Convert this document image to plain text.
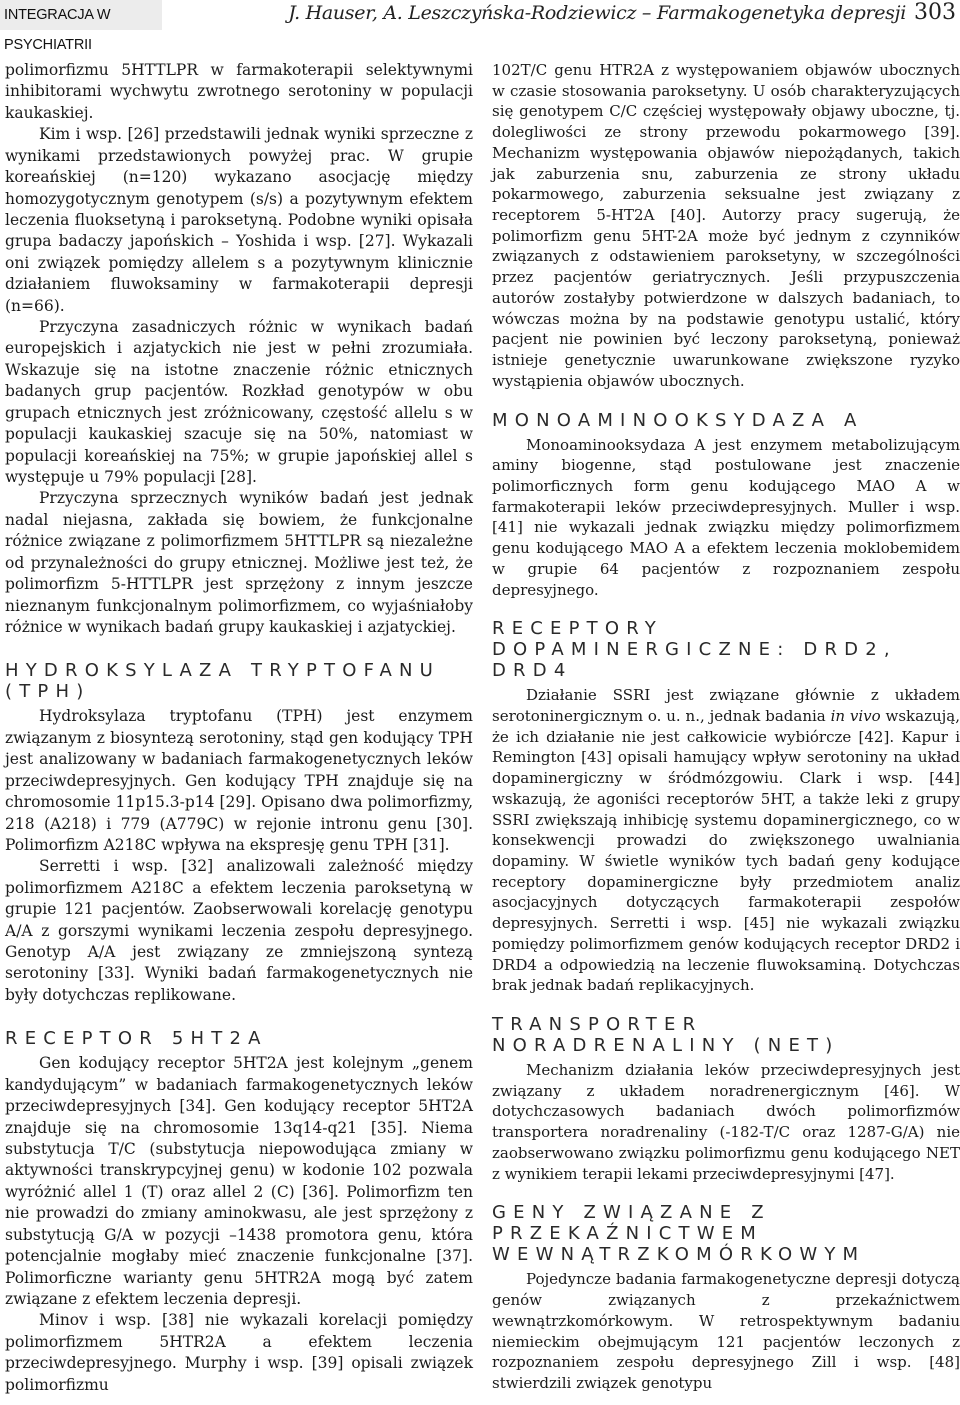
INTEGRACJA W PSYCHIATRII
J. Hauser, A. Leszczyńska-Rodziewicz – Farmakogenetyka depresji 303

polimorfizmu 5HTTLPR w farmakoterapii selektywnymi inhibitorami wychwytu zwrotnego serotoniny w populacji kaukaskiej.

Kim i wsp. [26] przedstawili jednak wyniki sprzeczne z wynikami przedstawionych powyżej prac. W grupie koreańskiej (n=120) wykazano asocjację między homozygotycznym genotypem (s/s) a pozytywnym efektem leczenia fluoksetyną i paroksetyną. Podobne wyniki opisała grupa badaczy japońskich – Yoshida i wsp. [27]. Wykazali oni związek pomiędzy allelem s a pozytywnym klinicznie działaniem fluwoksaminy w farmakoterapii depresji (n=66).

Przyczyna zasadniczych różnic w wynikach badań europejskich i azjatyckich nie jest w pełni zrozumiała. Wskazuje się na istotne znaczenie różnic etnicznych badanych grup pacjentów. Rozkład genotypów w obu grupach etnicznych jest zróżnicowany, częstość allelu s w populacji kaukaskiej szacuje się na 50%, natomiast w populacji koreańskiej na 75%; w grupie japońskiej allel s występuje u 79% populacji [28].

Przyczyna sprzecznych wyników badań jest jednak nadal niejasna, zakłada się bowiem, że funkcjonalne różnice związane z polimorfizmem 5HTTLPR są niezależne od przynależności do grupy etnicznej. Możliwe jest też, że polimorfizm 5-HTTLPR jest sprzężony z innym jeszcze nieznanym funkcjonalnym polimorfizmem, co wyjaśniałoby różnice w wynikach badań grupy kaukaskiej i azjatyckiej.

HYDROKSYLAZA TRYPTOFANU (TPH)

Hydroksylaza tryptofanu (TPH) jest enzymem związanym z biosyntezą serotoniny, stąd gen kodujący TPH jest analizowany w badaniach farmakogenetycznych leków przeciwdepresyjnych. Gen kodujący TPH znajduje się na chromosomie 11p15.3-p14 [29]. Opisano dwa polimorfizmy, 218 (A218) i 779 (A779C) w rejonie intronu genu [30]. Polimorfizm A218C wpływa na ekspresję genu TPH [31].

Serretti i wsp. [32] analizowali zależność między polimorfizmem A218C a efektem leczenia paroksetyną w grupie 121 pacjentów. Zaobserwowali korelację genotypu A/A z gorszymi wynikami leczenia zespołu depresyjnego. Genotyp A/A jest związany ze zmniejszoną syntezą serotoniny [33]. Wyniki badań farmakogenetycznych nie były dotychczas replikowane.

RECEPTOR 5HT2A

Gen kodujący receptor 5HT2A jest kolejnym „genem kandydującym” w badaniach farmakogenetycznych leków przeciwdepresyjnych [34]. Gen kodujący receptor 5HT2A znajduje się na chromosomie 13q14-q21 [35]. Niema substytucja T/C (substytucja niepowodująca zmiany w aktywności transkrypcyjnej genu) w kodonie 102 pozwala wyróżnić allel 1 (T) oraz allel 2 (C) [36]. Polimorfizm ten nie prowadzi do zmiany aminokwasu, ale jest sprzężony z substytucją G/A w pozycji –1438 promotora genu, która potencjalnie mogłaby mieć znaczenie funkcjonalne [37]. Polimorficzne warianty genu 5HTR2A mogą być zatem związane z efektem leczenia depresji.

Minov i wsp. [38] nie wykazali korelacji pomiędzy polimorfizmem 5HTR2A a efektem leczenia przeciwdepresyjnego. Murphy i wsp. [39] opisali związek polimorfizmu

102T/C genu HTR2A z występowaniem objawów ubocznych w czasie stosowania paroksetyny. U osób charakteryzujących się genotypem C/C częściej występowały objawy uboczne, tj. dolegliwości ze strony przewodu pokarmowego [39]. Mechanizm występowania objawów niepożądanych, takich jak zaburzenia snu, zaburzenia ze strony układu pokarmowego, zaburzenia seksualne jest związany z receptorem 5-HT2A [40]. Autorzy pracy sugerują, że polimorfizm genu 5HT-2A może być jednym z czynników związanych z odstawieniem paroksetyny, w szczególności przez pacjentów geriatrycznych. Jeśli przypuszczenia autorów zostałyby potwierdzone w dalszych badaniach, to wówczas można by na podstawie genotypu ustalić, który pacjent nie powinien być leczony paroksetyną, ponieważ istnieje genetycznie uwarunkowane zwiększone ryzyko wystąpienia objawów ubocznych.

MONOAMINOOKSYDAZA A

Monoaminooksydaza A jest enzymem metabolizującym aminy biogenne, stąd postulowane jest znaczenie polimorficznych form genu kodującego MAO A w farmakoterapii leków przeciwdepresyjnych. Muller i wsp. [41] nie wykazali jednak związku między polimorfizmem genu kodującego MAO A a efektem leczenia moklobemidem w grupie 64 pacjentów z rozpoznaniem zespołu depresyjnego.

RECEPTORY DOPAMINERGICZNE: DRD2, DRD4

Działanie SSRI jest związane głównie z układem serotoninergicznym o. u. n., jednak badania in vivo wskazują, że ich działanie nie jest całkowicie wybiórcze [42]. Kapur i Remington [43] opisali hamujący wpływ serotoniny na układ dopaminergiczny w śródmózgowiu. Clark i wsp. [44] wskazują, że agoniści receptorów 5HT, a także leki z grupy SSRI zwiększają inhibicję systemu dopaminergicznego, co w konsekwencji prowadzi do zwiększonego uwalniania dopaminy. W świetle wyników tych badań geny kodujące receptory dopaminergiczne były przedmiotem analiz asocjacyjnych dotyczących farmakoterapii zespołów depresyjnych. Serretti i wsp. [45] nie wykazali związku pomiędzy polimorfizmem genów kodujących receptor DRD2 i DRD4 a odpowiedzią na leczenie fluwoksaminą. Dotychczas brak jednak badań replikacyjnych.

TRANSPORTER NORADRENALINY (NET)

Mechanizm działania leków przeciwdepresyjnych jest związany z układem noradrenergicznym [46]. W dotychczasowych badaniach dwóch polimorfizmów transportera noradrenaliny (-182-T/C oraz 1287-G/A) nie zaobserwowano związku polimorfizmu genu kodującego NET z wynikiem terapii lekami przeciwdepresyjnymi [47].

GENY ZWIĄZANE Z PRZEKAŹNICTWEM WEWNĄTRZKOMÓRKOWYM

Pojedyncze badania farmakogenetyczne depresji dotyczą genów związanych z przekaźnictwem wewnątrzkomórkowym. W retrospektywnym badaniu niemieckim obejmującym 121 pacjentów leczonych z rozpoznaniem zespołu depresyjnego Zill i wsp. [48] stwierdzili związek genotypu
